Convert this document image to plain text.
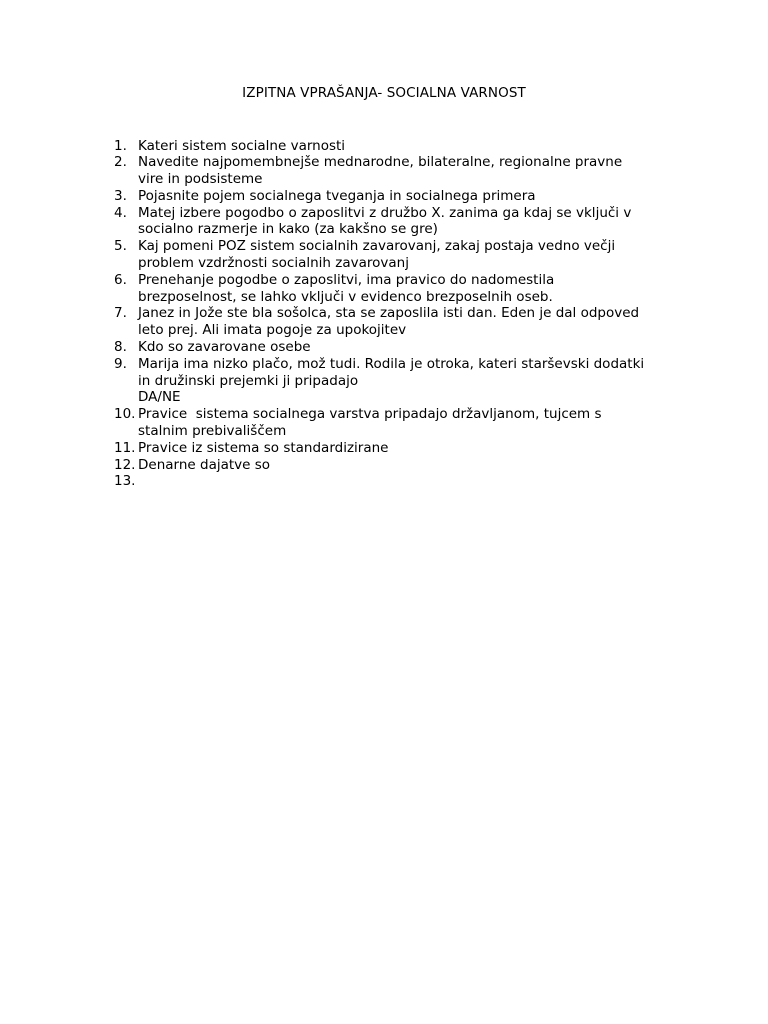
IZPITNA VPRAŠANJA- SOCIALNA VARNOST
1. Kateri sistem socialne varnosti
2. Navedite najpomembnejše mednarodne, bilateralne, regionalne pravne
vire in podsisteme
3. Pojasnite pojem socialnega tveganja in socialnega primera
4. Matej izbere pogodbo o zaposlitvi z družbo X. zanima ga kdaj se vključi v
socialno razmerje in kako (za kakšno se gre)
5. Kaj pomeni POZ sistem socialnih zavarovanj, zakaj postaja vedno večji
problem vzdržnosti socialnih zavarovanj
6. Prenehanje pogodbe o zaposlitvi, ima pravico do nadomestila
brezposelnost, se lahko vključi v evidenco brezposelnih oseb.
7. Janez in Jože ste bla sošolca, sta se zaposlila isti dan. Eden je dal odpoved
leto prej. Ali imata pogoje za upokojitev
8. Kdo so zavarovane osebe
9. Marija ima nizko plačo, mož tudi. Rodila je otroka, kateri starševski dodatki
in družinski prejemki ji pripadajo
DA/NE
10. Pravice  sistema socialnega varstva pripadajo državljanom, tujcem s
stalnim prebivališčem
11. Pravice iz sistema so standardizirane
12. Denarne dajatve so
13.
